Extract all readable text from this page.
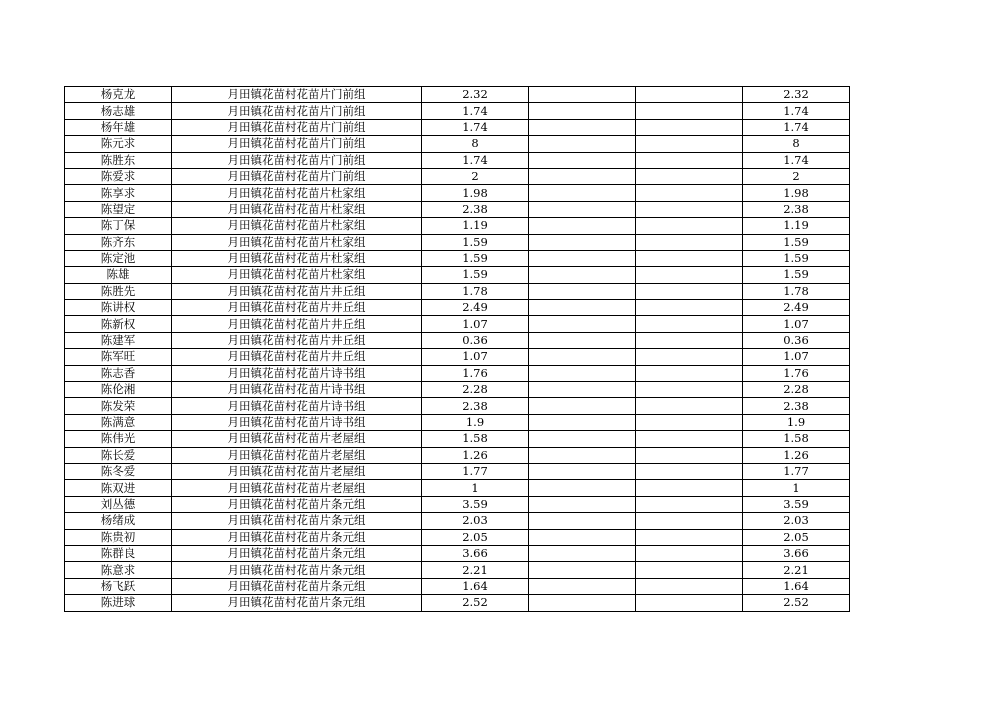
杨克龙	月田镇花苗村花苗片门前组	2.32			2.32
杨志雄	月田镇花苗村花苗片门前组	1.74			1.74
杨年雄	月田镇花苗村花苗片门前组	1.74			1.74
陈元求	月田镇花苗村花苗片门前组	8			8
陈胜东	月田镇花苗村花苗片门前组	1.74			1.74
陈爱求	月田镇花苗村花苗片门前组	2			2
陈享求	月田镇花苗村花苗片杜家组	1.98			1.98
陈望定	月田镇花苗村花苗片杜家组	2.38			2.38
陈丁保	月田镇花苗村花苗片杜家组	1.19			1.19
陈齐东	月田镇花苗村花苗片杜家组	1.59			1.59
陈定池	月田镇花苗村花苗片杜家组	1.59			1.59
陈雄	月田镇花苗村花苗片杜家组	1.59			1.59
陈胜先	月田镇花苗村花苗片井丘组	1.78			1.78
陈讲权	月田镇花苗村花苗片井丘组	2.49			2.49
陈新权	月田镇花苗村花苗片井丘组	1.07			1.07
陈建军	月田镇花苗村花苗片井丘组	0.36			0.36
陈军旺	月田镇花苗村花苗片井丘组	1.07			1.07
陈志香	月田镇花苗村花苗片诗书组	1.76			1.76
陈伦湘	月田镇花苗村花苗片诗书组	2.28			2.28
陈发荣	月田镇花苗村花苗片诗书组	2.38			2.38
陈满意	月田镇花苗村花苗片诗书组	1.9			1.9
陈伟光	月田镇花苗村花苗片老屋组	1.58			1.58
陈长爱	月田镇花苗村花苗片老屋组	1.26			1.26
陈冬爱	月田镇花苗村花苗片老屋组	1.77			1.77
陈双进	月田镇花苗村花苗片老屋组	1			1
刘丛德	月田镇花苗村花苗片条元组	3.59			3.59
杨绪成	月田镇花苗村花苗片条元组	2.03			2.03
陈贵初	月田镇花苗村花苗片条元组	2.05			2.05
陈群良	月田镇花苗村花苗片条元组	3.66			3.66
陈意求	月田镇花苗村花苗片条元组	2.21			2.21
杨飞跃	月田镇花苗村花苗片条元组	1.64			1.64
陈进球	月田镇花苗村花苗片条元组	2.52			2.52
